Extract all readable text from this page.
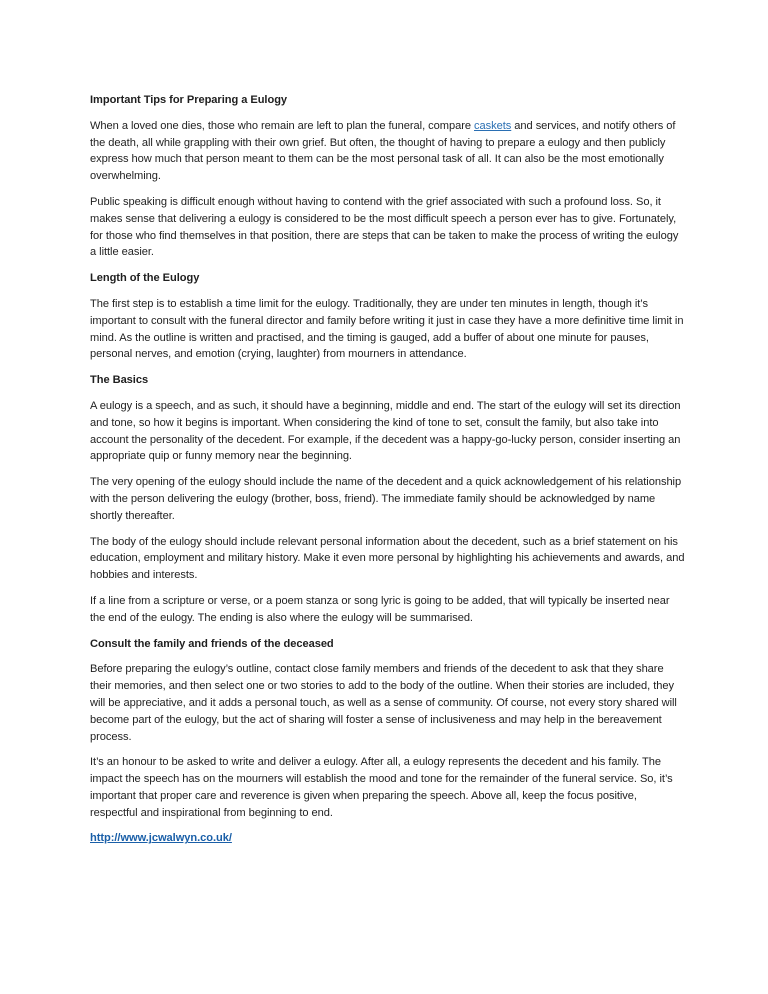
Important Tips for Preparing a Eulogy

When a loved one dies, those who remain are left to plan the funeral, compare caskets and services, and notify others of the death, all while grappling with their own grief. But often, the thought of having to prepare a eulogy and then publicly express how much that person meant to them can be the most personal task of all. It can also be the most emotionally overwhelming.

Public speaking is difficult enough without having to contend with the grief associated with such a profound loss. So, it makes sense that delivering a eulogy is considered to be the most difficult speech a person ever has to give. Fortunately, for those who find themselves in that position, there are steps that can be taken to make the process of writing the eulogy a little easier.

Length of the Eulogy

The first step is to establish a time limit for the eulogy. Traditionally, they are under ten minutes in length, though it’s important to consult with the funeral director and family before writing it just in case they have a more definitive time limit in mind. As the outline is written and practised, and the timing is gauged, add a buffer of about one minute for pauses, personal nerves, and emotion (crying, laughter) from mourners in attendance.

The Basics

A eulogy is a speech, and as such, it should have a beginning, middle and end. The start of the eulogy will set its direction and tone, so how it begins is important. When considering the kind of tone to set, consult the family, but also take into account the personality of the decedent. For example, if the decedent was a happy-go-lucky person, consider inserting an appropriate quip or funny memory near the beginning.

The very opening of the eulogy should include the name of the decedent and a quick acknowledgement of his relationship with the person delivering the eulogy (brother, boss, friend). The immediate family should be acknowledged by name shortly thereafter.

The body of the eulogy should include relevant personal information about the decedent, such as a brief statement on his education, employment and military history. Make it even more personal by highlighting his achievements and awards, and hobbies and interests.

If a line from a scripture or verse, or a poem stanza or song lyric is going to be added, that will typically be inserted near the end of the eulogy. The ending is also where the eulogy will be summarised.

Consult the family and friends of the deceased

Before preparing the eulogy’s outline, contact close family members and friends of the decedent to ask that they share their memories, and then select one or two stories to add to the body of the outline. When their stories are included, they will be appreciative, and it adds a personal touch, as well as a sense of community. Of course, not every story shared will become part of the eulogy, but the act of sharing will foster a sense of inclusiveness and may help in the bereavement process.

It’s an honour to be asked to write and deliver a eulogy. After all, a eulogy represents the decedent and his family. The impact the speech has on the mourners will establish the mood and tone for the remainder of the funeral service. So, it’s important that proper care and reverence is given when preparing the speech. Above all, keep the focus positive, respectful and inspirational from beginning to end.

http://www.jcwalwyn.co.uk/
